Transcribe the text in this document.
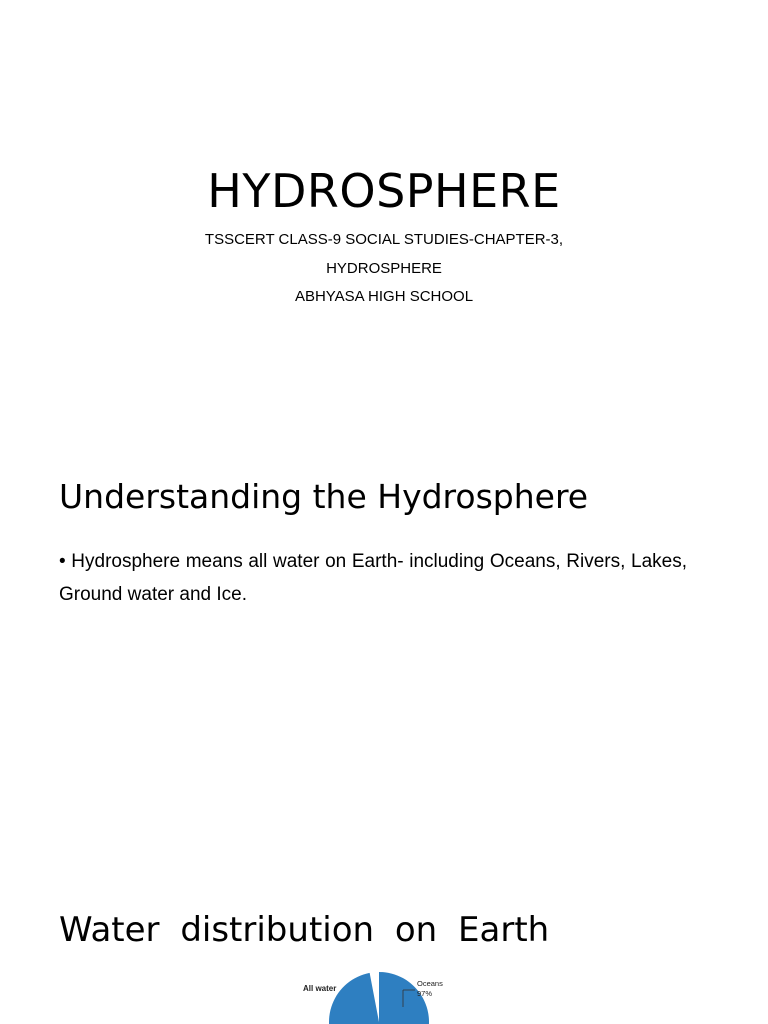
HYDROSPHERE
TSSCERT CLASS-9 SOCIAL STUDIES-CHAPTER-3,
HYDROSPHERE
ABHYASA HIGH SCHOOL
Understanding the Hydrosphere

• Hydrosphere means all water on Earth- including Oceans, Rivers, Lakes, Ground water and Ice.

Water distribution on Earth
All water
Oceans
97%
